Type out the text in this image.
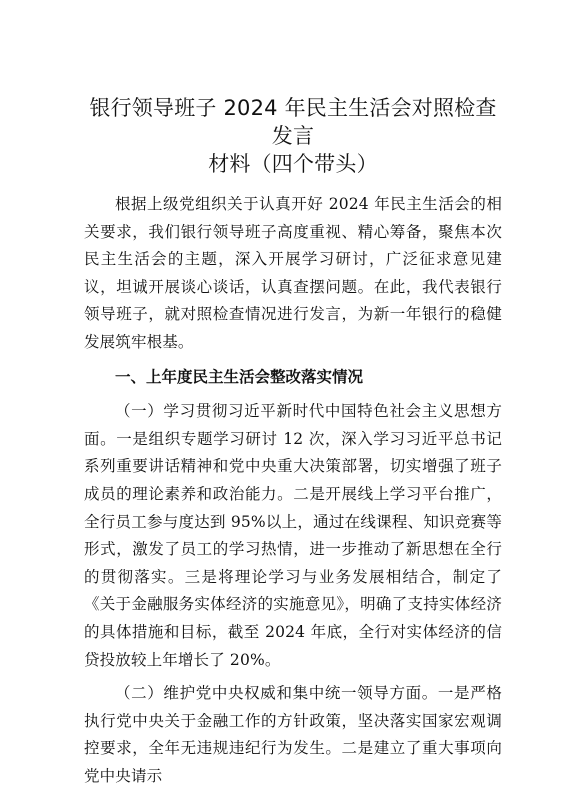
银行领导班子 2024 年民主生活会对照检查发言
材料（四个带头）

根据上级党组织关于认真开好 2024 年民主生活会的相关要求，我们银行领导班子高度重视、精心筹备，聚焦本次民主生活会的主题，深入开展学习研讨，广泛征求意见建议，坦诚开展谈心谈话，认真查摆问题。在此，我代表银行领导班子，就对照检查情况进行发言，为新一年银行的稳健发展筑牢根基。

一、上年度民主生活会整改落实情况

（一）学习贯彻习近平新时代中国特色社会主义思想方面。一是组织专题学习研讨 12 次，深入学习习近平总书记系列重要讲话精神和党中央重大决策部署，切实增强了班子成员的理论素养和政治能力。二是开展线上学习平台推广，全行员工参与度达到 95%以上，通过在线课程、知识竞赛等形式，激发了员工的学习热情，进一步推动了新思想在全行的贯彻落实。三是将理论学习与业务发展相结合，制定了《关于金融服务实体经济的实施意见》，明确了支持实体经济的具体措施和目标，截至 2024 年底，全行对实体经济的信贷投放较上年增长了 20%。

（二）维护党中央权威和集中统一领导方面。一是严格执行党中央关于金融工作的方针政策，坚决落实国家宏观调控要求，全年无违规违纪行为发生。二是建立了重大事项向党中央请示
